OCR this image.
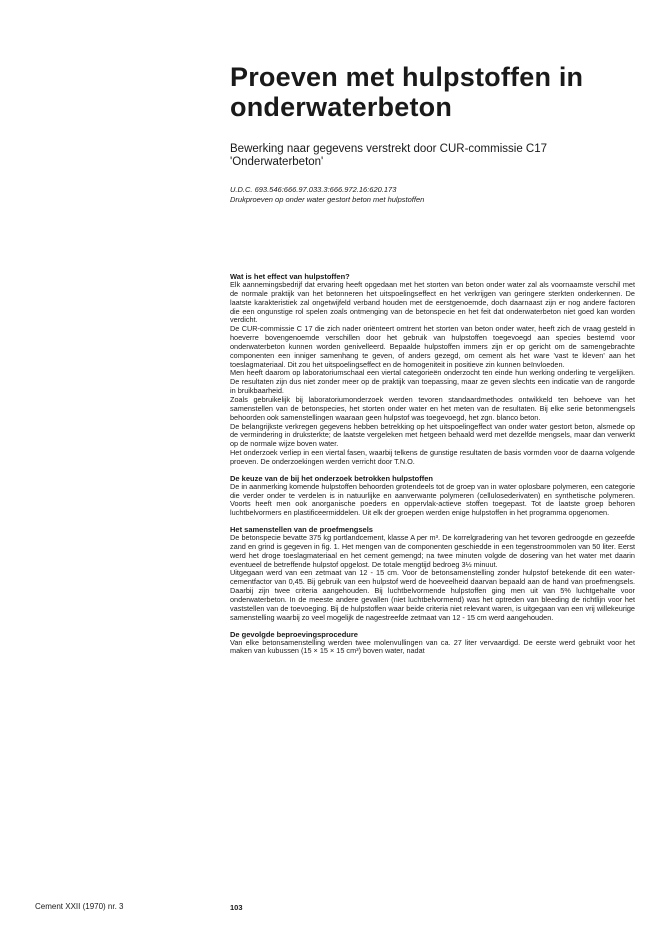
Proeven met hulpstoffen in onderwaterbeton

Bewerking naar gegevens verstrekt door CUR-commissie C17 'Onderwaterbeton'

U.D.C. 693.546:666.97.033.3:666.972.16:620.173
Drukproeven op onder water gestort beton met hulpstoffen
Wat is het effect van hulpstoffen?

Elk aannemingsbedrijf dat ervaring heeft opgedaan met het storten van beton onder water zal als voornaamste verschil met de normale praktijk van het betonneren het uitspoelingseffect en het verkrijgen van geringere sterkten onderkennen. De laatste karakteristiek zal ongetwijfeld verband houden met de eerstgenoemde, doch daarnaast zijn er nog andere factoren die een ongunstige rol spelen zoals ontmenging van de betonspecie en het feit dat onderwaterbeton niet goed kan worden verdicht.

De CUR-commissie C 17 die zich nader oriënteert omtrent het storten van beton onder water, heeft zich de vraag gesteld in hoeverre bovengenoemde verschillen door het gebruik van hulpstoffen toegevoegd aan species bestemd voor onderwaterbeton kunnen worden genivelleerd. Bepaalde hulpstoffen immers zijn er op gericht om de samengebrachte componenten een inniger samenhang te geven, of anders gezegd, om cement als het ware 'vast te kleven' aan het toeslagmateriaal. Dit zou het uitspoelingseffect en de homogeniteit in positieve zin kunnen beïnvloeden.

Men heeft daarom op laboratoriumschaal een viertal categorieën onderzocht ten einde hun werking onderling te vergelijken. De resultaten zijn dus niet zonder meer op de praktijk van toepassing, maar ze geven slechts een indicatie van de rangorde in bruikbaarheid.

Zoals gebruikelijk bij laboratoriumonderzoek werden tevoren standaardmethodes ontwikkeld ten behoeve van het samenstellen van de betonspecies, het storten onder water en het meten van de resultaten. Bij elke serie betonmengsels behoorden ook samenstellingen waaraan geen hulpstof was toegevoegd, het zgn. blanco beton.

De belangrijkste verkregen gegevens hebben betrekking op het uitspoelingeffect van onder water gestort beton, alsmede op de vermindering in druksterkte; de laatste vergeleken met hetgeen behaald werd met dezelfde mengsels, maar dan verwerkt op de normale wijze boven water.

Het onderzoek verliep in een viertal fasen, waarbij telkens de gunstige resultaten de basis vormden voor de daarna volgende proeven. De onderzoekingen werden verricht door T.N.O.

De keuze van de bij het onderzoek betrokken hulpstoffen

De in aanmerking komende hulpstoffen behoorden grotendeels tot de groep van in water oplosbare polymeren, een categorie die verder onder te verdelen is in natuurlijke en aanverwante polymeren (cellulosederivaten) en synthetische polymeren. Voorts heeft men ook anorganische poeders en oppervlak-actieve stoffen toegepast. Tot de laatste groep behoren luchtbelvormers en plastificeermiddelen. Uit elk der groepen werden enige hulpstoffen in het programma opgenomen.

Het samenstellen van de proefmengsels

De betonspecie bevatte 375 kg portlandcement, klasse A per m³. De korrelgradering van het tevoren gedroogde en gezeefde zand en grind is gegeven in fig. 1. Het mengen van de componenten geschiedde in een tegenstroommolen van 50 liter. Eerst werd het droge toeslagmateriaal en het cement gemengd; na twee minuten volgde de dosering van het water met daarin eventueel de betreffende hulpstof opgelost. De totale mengtijd bedroeg 3½ minuut.

Uitgegaan werd van een zetmaat van 12 - 15 cm. Voor de betonsamenstelling zonder hulpstof betekende dit een water-cementfactor van 0,45. Bij gebruik van een hulpstof werd de hoeveelheid daarvan bepaald aan de hand van proefmengsels. Daarbij zijn twee criteria aangehouden. Bij luchtbelvormende hulpstoffen ging men uit van 5% luchtgehalte voor onderwaterbeton. In de meeste andere gevallen (niet luchtbelvormend) was het optreden van bleeding de richtlijn voor het vaststellen van de toevoeging. Bij de hulpstoffen waar beide criteria niet relevant waren, is uitgegaan van een vrij willekeurige samenstelling waarbij zo veel mogelijk de nagestreefde zetmaat van 12 - 15 cm werd aangehouden.

De gevolgde beproevingsprocedure

Van elke betonsamenstelling werden twee molenvullingen van ca. 27 liter vervaardigd. De eerste werd gebruikt voor het maken van kubussen (15 × 15 × 15 cm³) boven water, nadat

Cement XXII (1970) nr. 3	103
